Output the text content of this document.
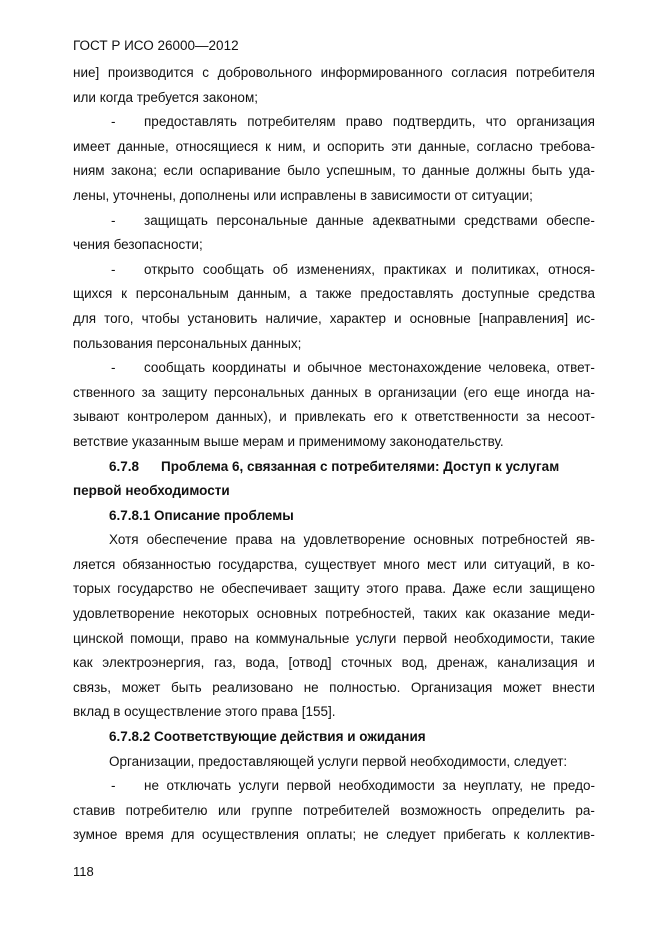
ГОСТ Р ИСО 26000—2012
ние] производится с добровольного информированного согласия потребителя
или когда требуется законом;
-	предоставлять потребителям право подтвердить, что организация
имеет данные, относящиеся к ним, и оспорить эти данные, согласно требова-
ниям закона; если оспаривание было успешным, то данные должны быть уда-
лены, уточнены, дополнены или исправлены в зависимости от ситуации;
-	защищать персональные данные адекватными средствами обеспе-
чения безопасности;
-	открыто сообщать об изменениях, практиках и политиках, относя-
щихся к персональным данным, а также предоставлять доступные средства
для того, чтобы установить наличие, характер и основные [направления] ис-
пользования персональных данных;
-	сообщать координаты и обычное местонахождение человека, ответ-
ственного за защиту персональных данных в организации (его еще иногда на-
зывают контролером данных), и привлекать его к ответственности за несоот-
ветствие указанным выше мерам и применимому законодательству.
6.7.8	Проблема 6, связанная с потребителями: Доступ к услугам
первой необходимости
6.7.8.1 Описание проблемы
Хотя обеспечение права на удовлетворение основных потребностей яв-
ляется обязанностью государства, существует много мест или ситуаций, в ко-
торых государство не обеспечивает защиту этого права. Даже если защищено
удовлетворение некоторых основных потребностей, таких как оказание меди-
цинской помощи, право на коммунальные услуги первой необходимости, такие
как электроэнергия, газ, вода, [отвод] сточных вод, дренаж, канализация и
связь, может быть реализовано не полностью. Организация может внести
вклад в осуществление этого права [155].
6.7.8.2 Соответствующие действия и ожидания
Организации, предоставляющей услуги первой необходимости, следует:
-	не отключать услуги первой необходимости за неуплату, не предо-
ставив потребителю или группе потребителей возможность определить ра-
зумное время для осуществления оплаты; не следует прибегать к коллектив-
118
